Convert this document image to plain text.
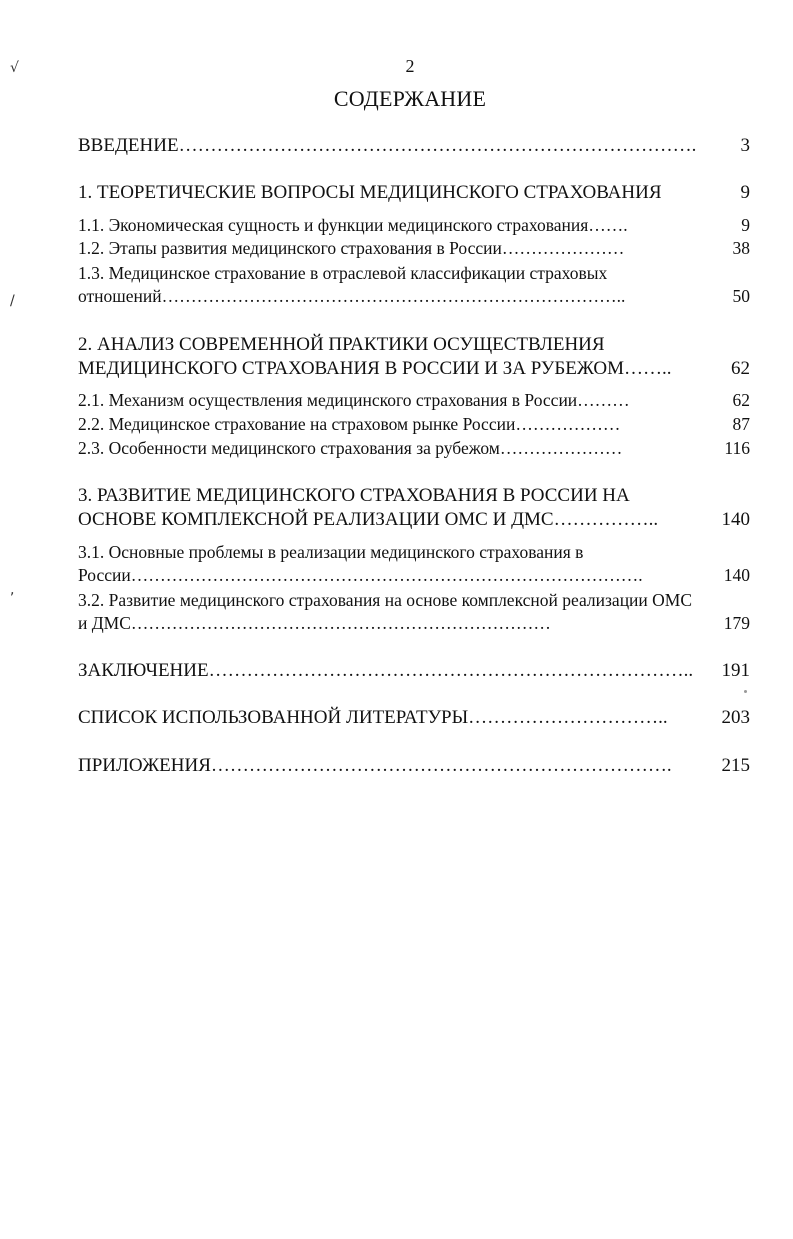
√
/
,
2
СОДЕРЖАНИЕ
ВВЕДЕНИЕ……………………………………………………………………….	3
1. ТЕОРЕТИЧЕСКИЕ ВОПРОСЫ МЕДИЦИНСКОГО СТРАХОВАНИЯ	9
1.1. Экономическая сущность и функции медицинского страхования…….	9
1.2. Этапы развития медицинского страхования в России…………………	38
1.3. Медицинское страхование в отраслевой классификации страховых отношений……………………………………………………………………..	50
2. АНАЛИЗ СОВРЕМЕННОЙ ПРАКТИКИ ОСУЩЕСТВЛЕНИЯ МЕДИЦИНСКОГО СТРАХОВАНИЯ В РОССИИ И ЗА РУБЕЖОМ……..	62
2.1. Механизм осуществления медицинского страхования в России………	62
2.2. Медицинское страхование на страховом рынке России………………	87
2.3. Особенности медицинского страхования за рубежом…………………	116
3. РАЗВИТИЕ МЕДИЦИНСКОГО СТРАХОВАНИЯ В РОССИИ НА ОСНОВЕ КОМПЛЕКСНОЙ РЕАЛИЗАЦИИ ОМС И ДМС……………..	140
3.1. Основные проблемы в реализации медицинского страхования в России…………………………………………………………………………….	140
3.2. Развитие медицинского страхования на основе комплексной реализации ОМС и ДМС………………………………………………………………	179
ЗАКЛЮЧЕНИЕ…………………………………………………………………..	191
СПИСОК ИСПОЛЬЗОВАННОЙ ЛИТЕРАТУРЫ…………………………..	203
ПРИЛОЖЕНИЯ……………………………………………………………….	215
